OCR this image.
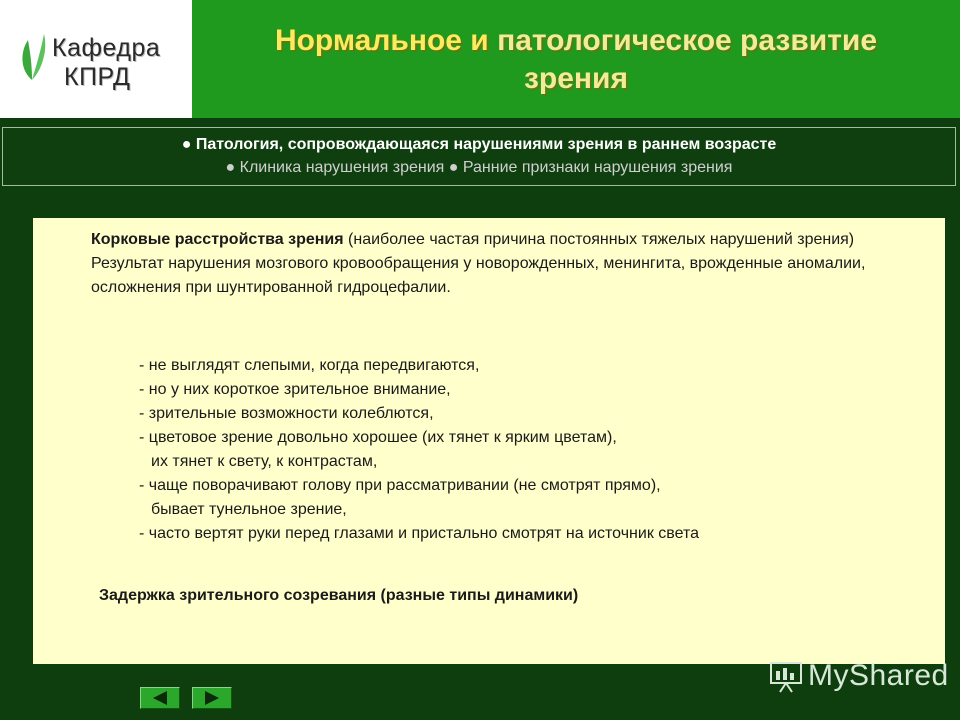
Кафедра
КПРД
Нормальное и патологическое развитие
зрения
● Патология, сопровождающаяся нарушениями зрения в раннем возрасте
● Клиника нарушения зрения ● Ранние признаки нарушения зрения
Корковые расстройства зрения (наиболее частая причина постоянных тяжелых нарушений зрения) Результат нарушения мозгового кровообращения у новорожденных, менингита, врожденные аномалии, осложнения при шунтированной гидроцефалии.
- не выглядят слепыми, когда передвигаются,
- но у них короткое зрительное внимание,
- зрительные возможности колеблются,
- цветовое зрение довольно хорошее (их тянет к ярким цветам),
их тянет к свету, к контрастам,
- чаще поворачивают голову при рассматривании (не смотрят прямо),
бывает тунельное зрение,
- часто вертят руки перед глазами и пристально смотрят на источник света
Задержка зрительного созревания (разные типы динамики)
MyShared
